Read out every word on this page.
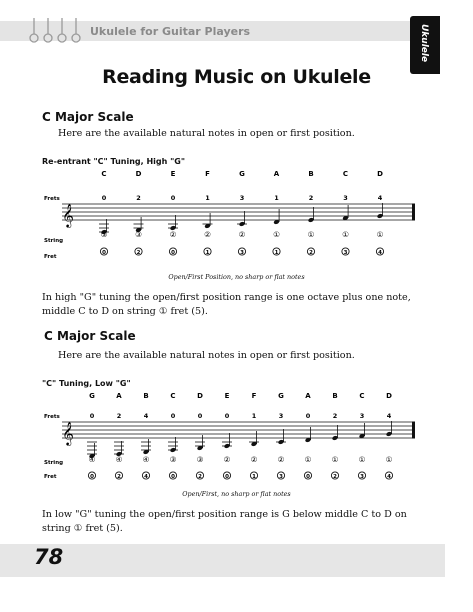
Ukulele for Guitar Players	Ukulele
Reading Music on Ukulele
C Major Scale
Here are the available natural notes in open or first position.
Re-entrant "C" Tuning, High "G"
𝄞
Frets
String
Fret
C
0
③
0
D
2
③
2
E
0
②
0
F
1
②
1
G
3
②
3
A
1
①
1
B
2
①
2
C
3
①
3
D
4
①
4
Open/First Position, no sharp or flat notes
In high "G" tuning the open/first position range is one octave plus one note, middle C to D on string ① fret (5).
C Major Scale
Here are the available natural notes in open or first position.
"C" Tuning, Low "G"
𝄞
Frets
String
Fret
G
0
④
0
A
2
④
2
B
4
④
4
C
0
③
0
D
0
③
2
E
0
②
0
F
1
②
1
G
3
②
3
A
0
①
0
B
2
①
2
C
3
①
3
D
4
①
4
Open/First, no sharp or flat notes
In low "G" tuning the open/first position range is G below middle C to D on string ① fret (5).
78
